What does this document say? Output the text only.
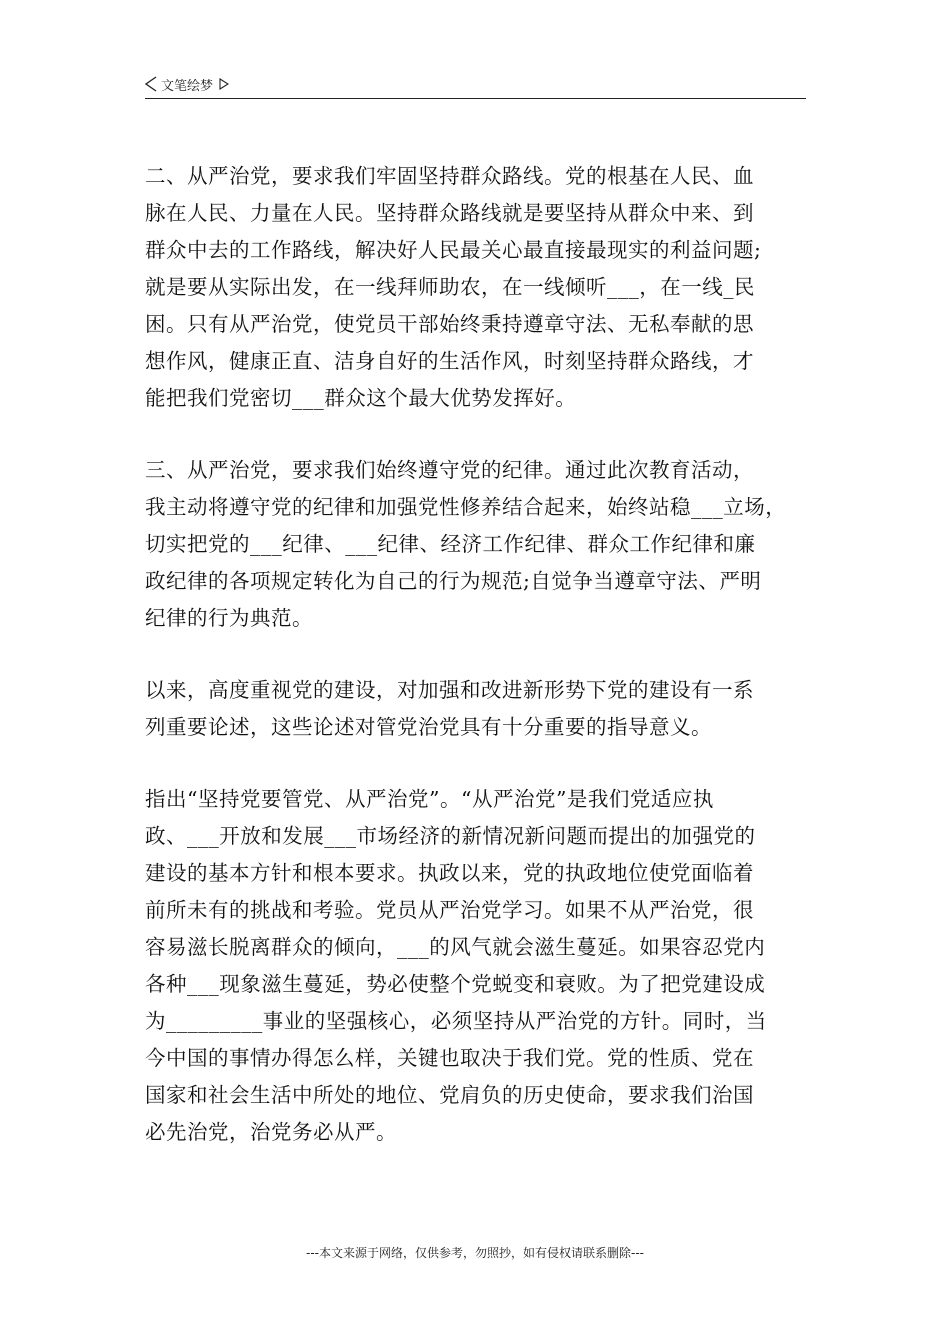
文笔绘梦

二、从严治党，要求我们牢固坚持群众路线。党的根基在人民、血
脉在人民、力量在人民。坚持群众路线就是要坚持从群众中来、到
群众中去的工作路线，解决好人民最关心最直接最现实的利益问题;
就是要从实际出发，在一线拜师助农，在一线倾听___，在一线_民
困。只有从严治党，使党员干部始终秉持遵章守法、无私奉献的思
想作风，健康正直、洁身自好的生活作风，时刻坚持群众路线，才
能把我们党密切___群众这个最大优势发挥好。

三、从严治党，要求我们始终遵守党的纪律。通过此次教育活动，
我主动将遵守党的纪律和加强党性修养结合起来，始终站稳___立场，
切实把党的___纪律、___纪律、经济工作纪律、群众工作纪律和廉
政纪律的各项规定转化为自己的行为规范;自觉争当遵章守法、严明
纪律的行为典范。

以来，高度重视党的建设，对加强和改进新形势下党的建设有一系
列重要论述，这些论述对管党治党具有十分重要的指导意义。

指出“坚持党要管党、从严治党”。“从严治党”是我们党适应执
政、___开放和发展___市场经济的新情况新问题而提出的加强党的
建设的基本方针和根本要求。执政以来，党的执政地位使党面临着
前所未有的挑战和考验。党员从严治党学习。如果不从严治党，很
容易滋长脱离群众的倾向，___的风气就会滋生蔓延。如果容忍党内
各种___现象滋生蔓延，势必使整个党蜕变和衰败。为了把党建设成
为_________事业的坚强核心，必须坚持从严治党的方针。同时，当
今中国的事情办得怎么样，关键也取决于我们党。党的性质、党在
国家和社会生活中所处的地位、党肩负的历史使命，要求我们治国
必先治党，治党务必从严。

---本文来源于网络，仅供参考，勿照抄，如有侵权请联系删除---
